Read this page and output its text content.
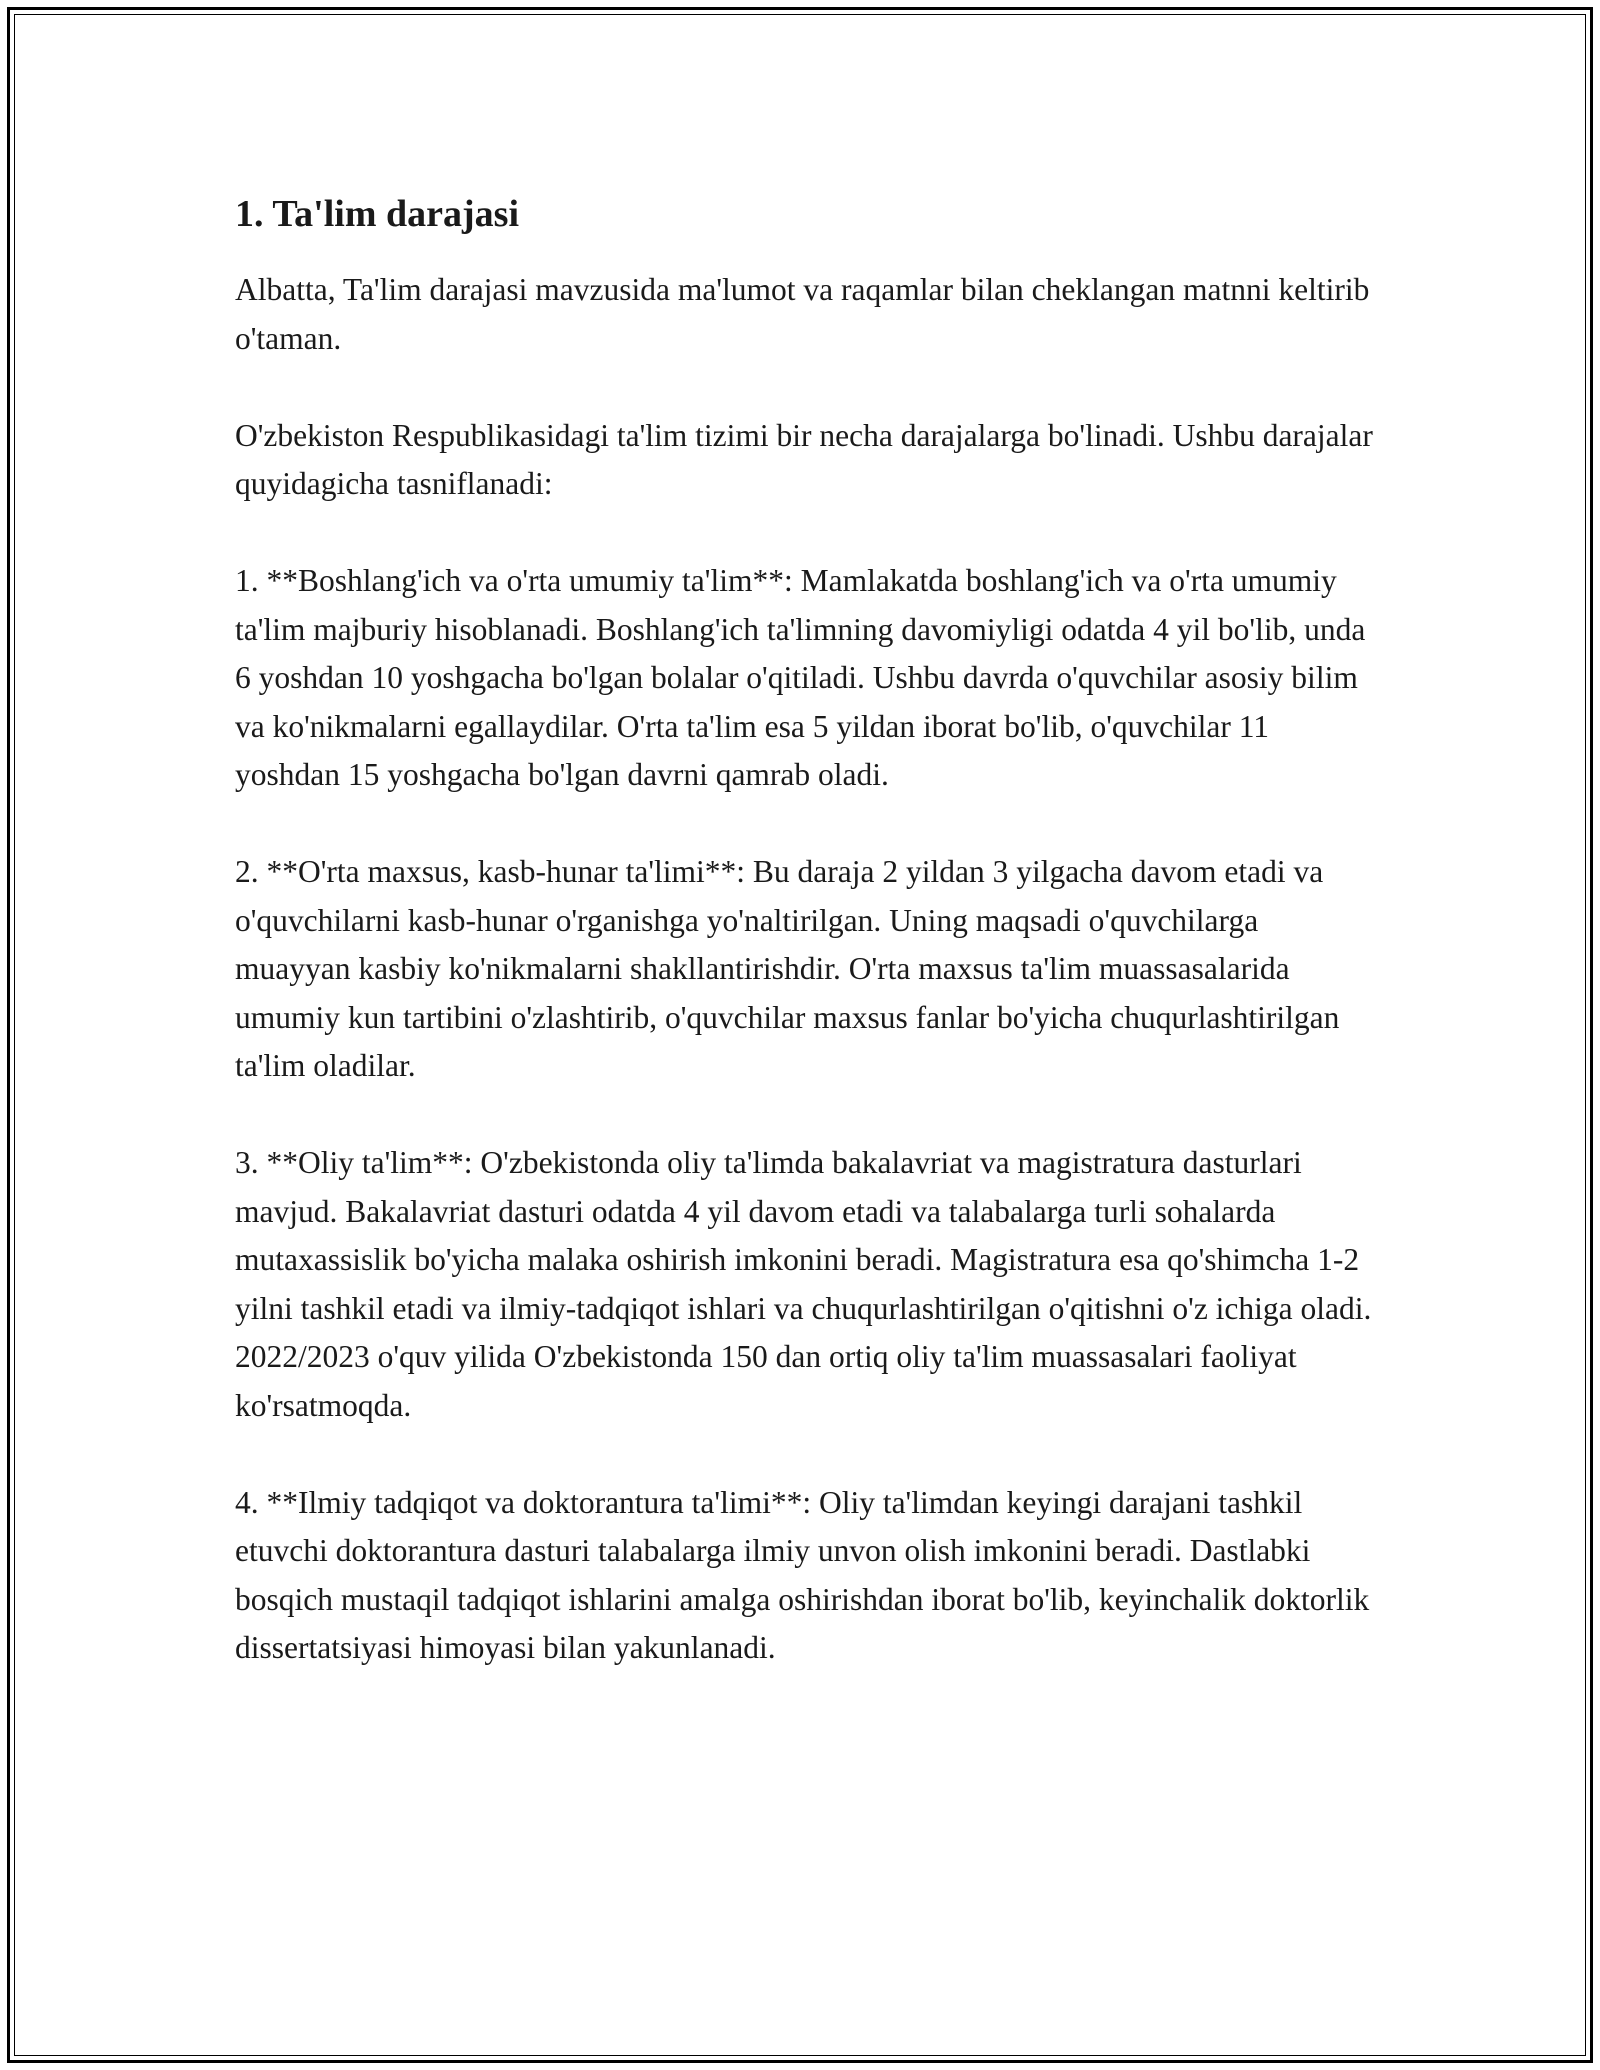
1. Ta'lim darajasi

Albatta, Ta'lim darajasi mavzusida ma'lumot va raqamlar bilan cheklangan matnni keltirib o'taman.

O'zbekiston Respublikasidagi ta'lim tizimi bir necha darajalarga bo'linadi. Ushbu darajalar quyidagicha tasniflanadi:

1. **Boshlang'ich va o'rta umumiy ta'lim**: Mamlakatda boshlang'ich va o'rta umumiy ta'lim majburiy hisoblanadi. Boshlang'ich ta'limning davomiyligi odatda 4 yil bo'lib, unda 6 yoshdan 10 yoshgacha bo'lgan bolalar o'qitiladi. Ushbu davrda o'quvchilar asosiy bilim va ko'nikmalarni egallaydilar. O'rta ta'lim esa 5 yildan iborat bo'lib, o'quvchilar 11 yoshdan 15 yoshgacha bo'lgan davrni qamrab oladi.

2. **O'rta maxsus, kasb-hunar ta'limi**: Bu daraja 2 yildan 3 yilgacha davom etadi va o'quvchilarni kasb-hunar o'rganishga yo'naltirilgan. Uning maqsadi o'quvchilarga muayyan kasbiy ko'nikmalarni shakllantirishdir. O'rta maxsus ta'lim muassasalarida umumiy kun tartibini o'zlashtirib, o'quvchilar maxsus fanlar bo'yicha chuqurlashtirilgan ta'lim oladilar.

3. **Oliy ta'lim**: O'zbekistonda oliy ta'limda bakalavriat va magistratura dasturlari mavjud. Bakalavriat dasturi odatda 4 yil davom etadi va talabalarga turli sohalarda mutaxassislik bo'yicha malaka oshirish imkonini beradi. Magistratura esa qo'shimcha 1-2 yilni tashkil etadi va ilmiy-tadqiqot ishlari va chuqurlashtirilgan o'qitishni o'z ichiga oladi. 2022/2023 o'quv yilida O'zbekistonda 150 dan ortiq oliy ta'lim muassasalari faoliyat ko'rsatmoqda.

4. **Ilmiy tadqiqot va doktorantura ta'limi**: Oliy ta'limdan keyingi darajani tashkil etuvchi doktorantura dasturi talabalarga ilmiy unvon olish imkonini beradi. Dastlabki bosqich mustaqil tadqiqot ishlarini amalga oshirishdan iborat bo'lib, keyinchalik doktorlik dissertatsiyasi himoyasi bilan yakunlanadi.
